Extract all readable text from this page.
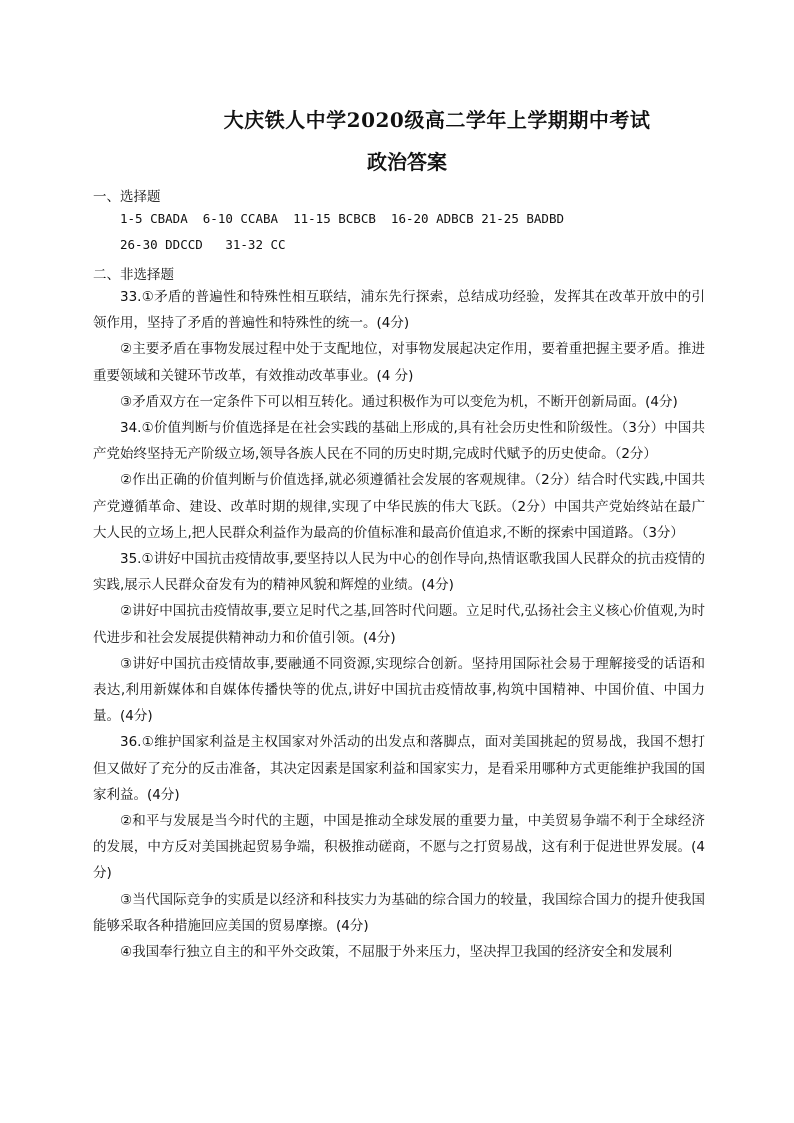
大庆铁人中学2020级高二学年上学期期中考试
政治答案
一、选择题
1-5 CBADA  6-10 CCABA  11-15 BCBCB  16-20 ADBCB 21-25 BADBD
26-30 DDCCD   31-32 CC
二、非选择题

33.①矛盾的普遍性和特殊性相互联结，浦东先行探索，总结成功经验，发挥其在改革开放中的引领作用，坚持了矛盾的普遍性和特殊性的统一。(4分)

②主要矛盾在事物发展过程中处于支配地位，对事物发展起决定作用，要着重把握主要矛盾。推进重要领域和关键环节改革，有效推动改革事业。(4 分)

③矛盾双方在一定条件下可以相互转化。通过积极作为可以变危为机，不断开创新局面。(4分)

34.①价值判断与价值选择是在社会实践的基础上形成的,具有社会历史性和阶级性。（3分）中国共产党始终坚持无产阶级立场,领导各族人民在不同的历史时期,完成时代赋予的历史使命。（2分）

②作出正确的价值判断与价值选择,就必须遵循社会发展的客观规律。（2分）结合时代实践,中国共产党遵循革命、建设、改革时期的规律,实现了中华民族的伟大飞跃。（2分）中国共产党始终站在最广大人民的立场上,把人民群众利益作为最高的价值标准和最高价值追求,不断的探索中国道路。（3分）

35.①讲好中国抗击疫情故事,要坚持以人民为中心的创作导向,热情讴歌我国人民群众的抗击疫情的实践,展示人民群众奋发有为的精神风貌和辉煌的业绩。(4分)

②讲好中国抗击疫情故事,要立足时代之基,回答时代问题。立足时代,弘扬社会主义核心价值观,为时代进步和社会发展提供精神动力和价值引领。(4分)

③讲好中国抗击疫情故事,要融通不同资源,实现综合创新。坚持用国际社会易于理解接受的话语和表达,利用新媒体和自媒体传播快等的优点,讲好中国抗击疫情故事,构筑中国精神、中国价值、中国力量。(4分)

36.①维护国家利益是主权国家对外活动的出发点和落脚点，面对美国挑起的贸易战，我国不想打但又做好了充分的反击准备，其决定因素是国家利益和国家实力，是看采用哪种方式更能维护我国的国家利益。(4分)

②和平与发展是当今时代的主题，中国是推动全球发展的重要力量，中美贸易争端不利于全球经济的发展，中方反对美国挑起贸易争端，积极推动磋商，不愿与之打贸易战，这有利于促进世界发展。(4分)

③当代国际竞争的实质是以经济和科技实力为基础的综合国力的较量，我国综合国力的提升使我国能够采取各种措施回应美国的贸易摩擦。(4分)

④我国奉行独立自主的和平外交政策，不屈服于外来压力，坚决捍卫我国的经济安全和发展利
